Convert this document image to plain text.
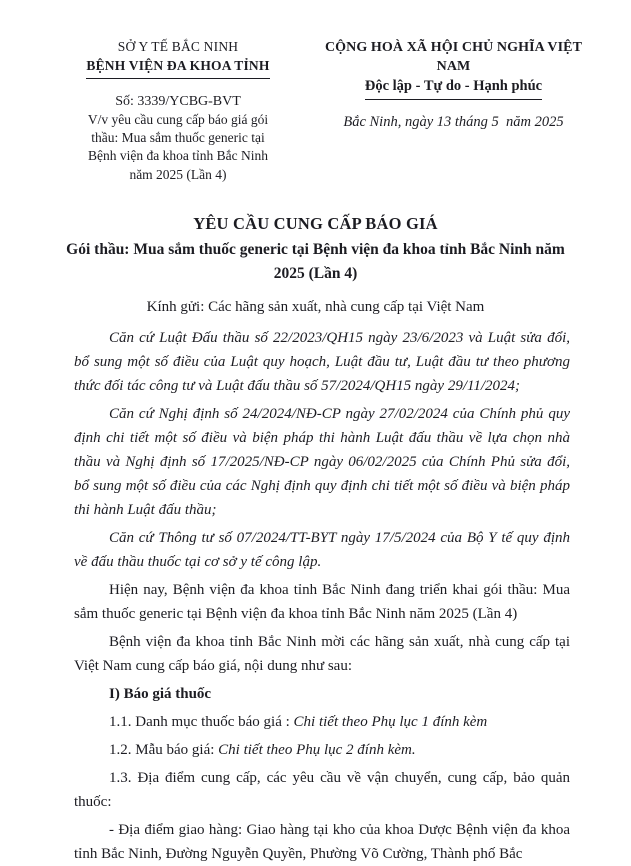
SỞ Y TẾ BẮC NINH
BỆNH VIỆN ĐA KHOA TỈNH
Số: 3339/YCBG-BVT
V/v yêu cầu cung cấp báo giá gói
thầu: Mua sắm thuốc generic tại
Bệnh viện đa khoa tỉnh Bắc Ninh
năm 2025 (Lần 4)
CỘNG HOÀ XÃ HỘI CHỦ NGHĨA VIỆT NAM
Độc lập - Tự do - Hạnh phúc
Bắc Ninh, ngày 13 tháng 5  năm 2025
YÊU CẦU CUNG CẤP BÁO GIÁ
Gói thầu: Mua sắm thuốc generic tại Bệnh viện đa khoa tỉnh Bắc Ninh năm 2025 (Lần 4)
Kính gửi: Các hãng sản xuất, nhà cung cấp tại Việt Nam

Căn cứ Luật Đấu thầu số 22/2023/QH15 ngày 23/6/2023 và Luật sửa đổi, bổ sung một số điều của Luật quy hoạch, Luật đầu tư, Luật đầu tư theo phương thức đối tác công tư và Luật đấu thầu số 57/2024/QH15 ngày 29/11/2024;

Căn cứ Nghị định số 24/2024/NĐ-CP ngày 27/02/2024 của Chính phủ quy định chi tiết một số điều và biện pháp thi hành Luật đấu thầu về lựa chọn nhà thầu và Nghị định số 17/2025/NĐ-CP ngày 06/02/2025 của Chính Phủ sửa đổi, bổ sung một số điều của các Nghị định quy định chi tiết một số điều và biện pháp thi hành Luật đấu thầu;

Căn cứ Thông tư số 07/2024/TT-BYT ngày 17/5/2024 của Bộ Y tế quy định về đấu thầu thuốc tại cơ sở y tế công lập.

Hiện nay, Bệnh viện đa khoa tỉnh Bắc Ninh đang triển khai gói thầu: Mua sắm thuốc generic tại Bệnh viện đa khoa tỉnh Bắc Ninh năm 2025 (Lần 4)

Bệnh viện đa khoa tỉnh Bắc Ninh mời các hãng sản xuất, nhà cung cấp tại Việt Nam cung cấp báo giá, nội dung như sau:

I) Báo giá thuốc

1.1. Danh mục thuốc báo giá : Chi tiết theo Phụ lục 1 đính kèm

1.2. Mẫu báo giá: Chi tiết theo Phụ lục 2 đính kèm.

1.3. Địa điểm cung cấp, các yêu cầu về vận chuyển, cung cấp, bảo quản thuốc:

- Địa điểm giao hàng: Giao hàng tại kho của khoa Dược Bệnh viện đa khoa tỉnh Bắc Ninh, Đường Nguyễn Quyền, Phường Võ Cường, Thành phố Bắc
